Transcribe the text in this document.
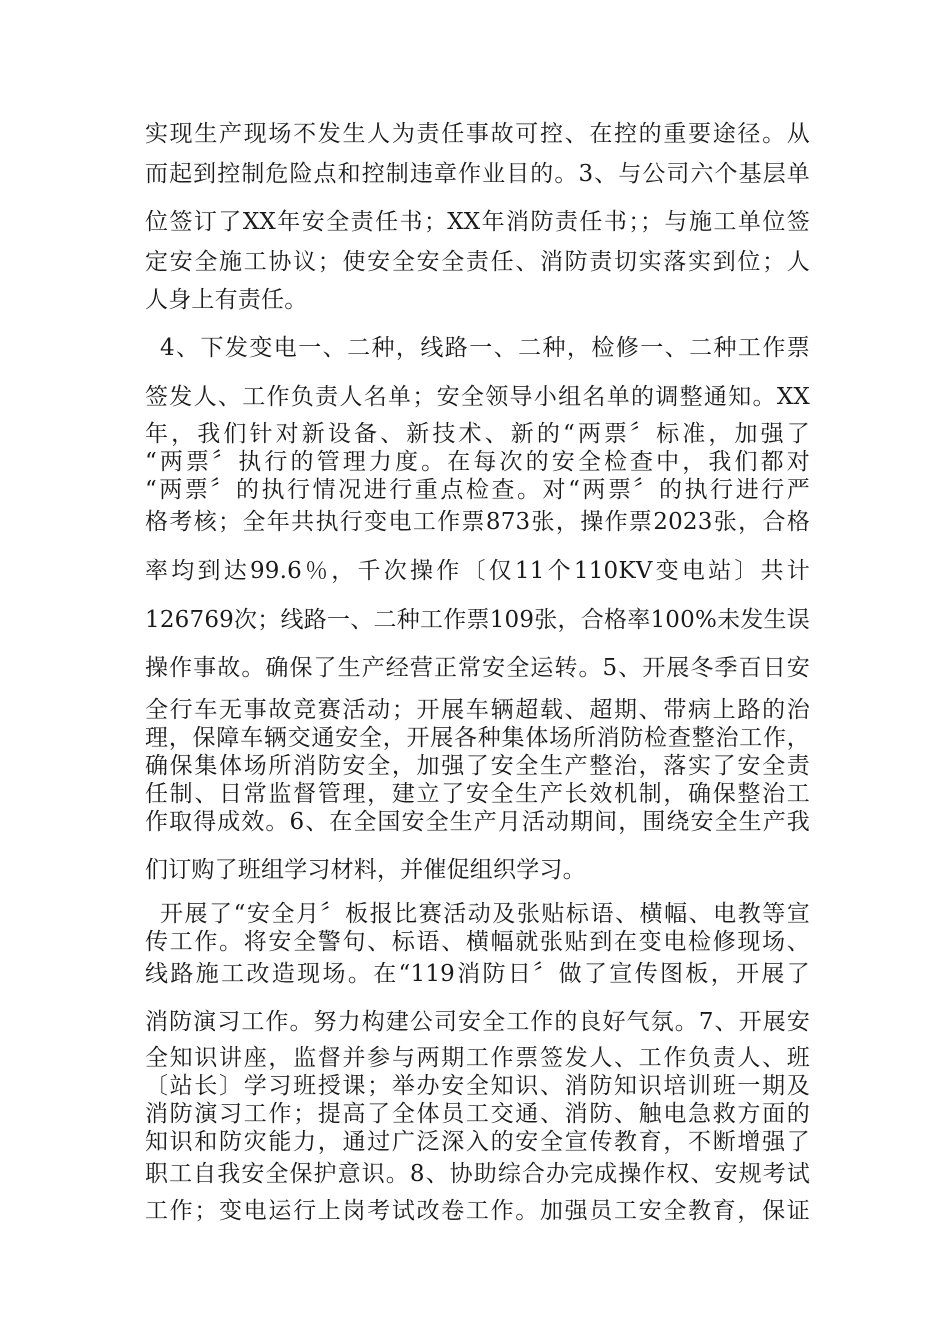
实现生产现场不发生人为责任事故可控、在控的重要途径。从
而起到控制危险点和控制违章作业目的。3、与公司六个基层单
位签订了XX年安全责任书；XX年消防责任书；；与施工单位签
定安全施工协议；使安全安全责任、消防责切实落实到位；人
人身上有责任。
4、下发变电一、二种，线路一、二种，检修一、二种工作票
签发人、工作负责人名单；安全领导小组名单的调整通知。XX
年，我们针对新设备、新技术、新的“两票〞标准，加强了
“两票〞执行的管理力度。在每次的安全检查中，我们都对
“两票〞的执行情况进行重点检查。对“两票〞的执行进行严
格考核；全年共执行变电工作票873张，操作票2023张，合格
率均到达99.6％，千次操作〔仅11个110KV变电站〕共计
126769次；线路一、二种工作票109张，合格率100%未发生误
操作事故。确保了生产经营正常安全运转。5、开展冬季百日安
全行车无事故竞赛活动；开展车辆超载、超期、带病上路的治
理，保障车辆交通安全，开展各种集体场所消防检查整治工作，
确保集体场所消防安全，加强了安全生产整治，落实了安全责
任制、日常监督管理，建立了安全生产长效机制，确保整治工
作取得成效。6、在全国安全生产月活动期间，围绕安全生产我
们订购了班组学习材料，并催促组织学习。
开展了“安全月〞板报比赛活动及张贴标语、横幅、电教等宣
传工作。将安全警句、标语、横幅就张贴到在变电检修现场、
线路施工改造现场。在“119消防日〞做了宣传图板，开展了
消防演习工作。努力构建公司安全工作的良好气氛。7、开展安
全知识讲座，监督并参与两期工作票签发人、工作负责人、班
〔站长〕学习班授课；举办安全知识、消防知识培训班一期及
消防演习工作；提高了全体员工交通、消防、触电急救方面的
知识和防灾能力，通过广泛深入的安全宣传教育，不断增强了
职工自我安全保护意识。8、协助综合办完成操作权、安规考试
工作；变电运行上岗考试改卷工作。加强员工安全教育，保证
